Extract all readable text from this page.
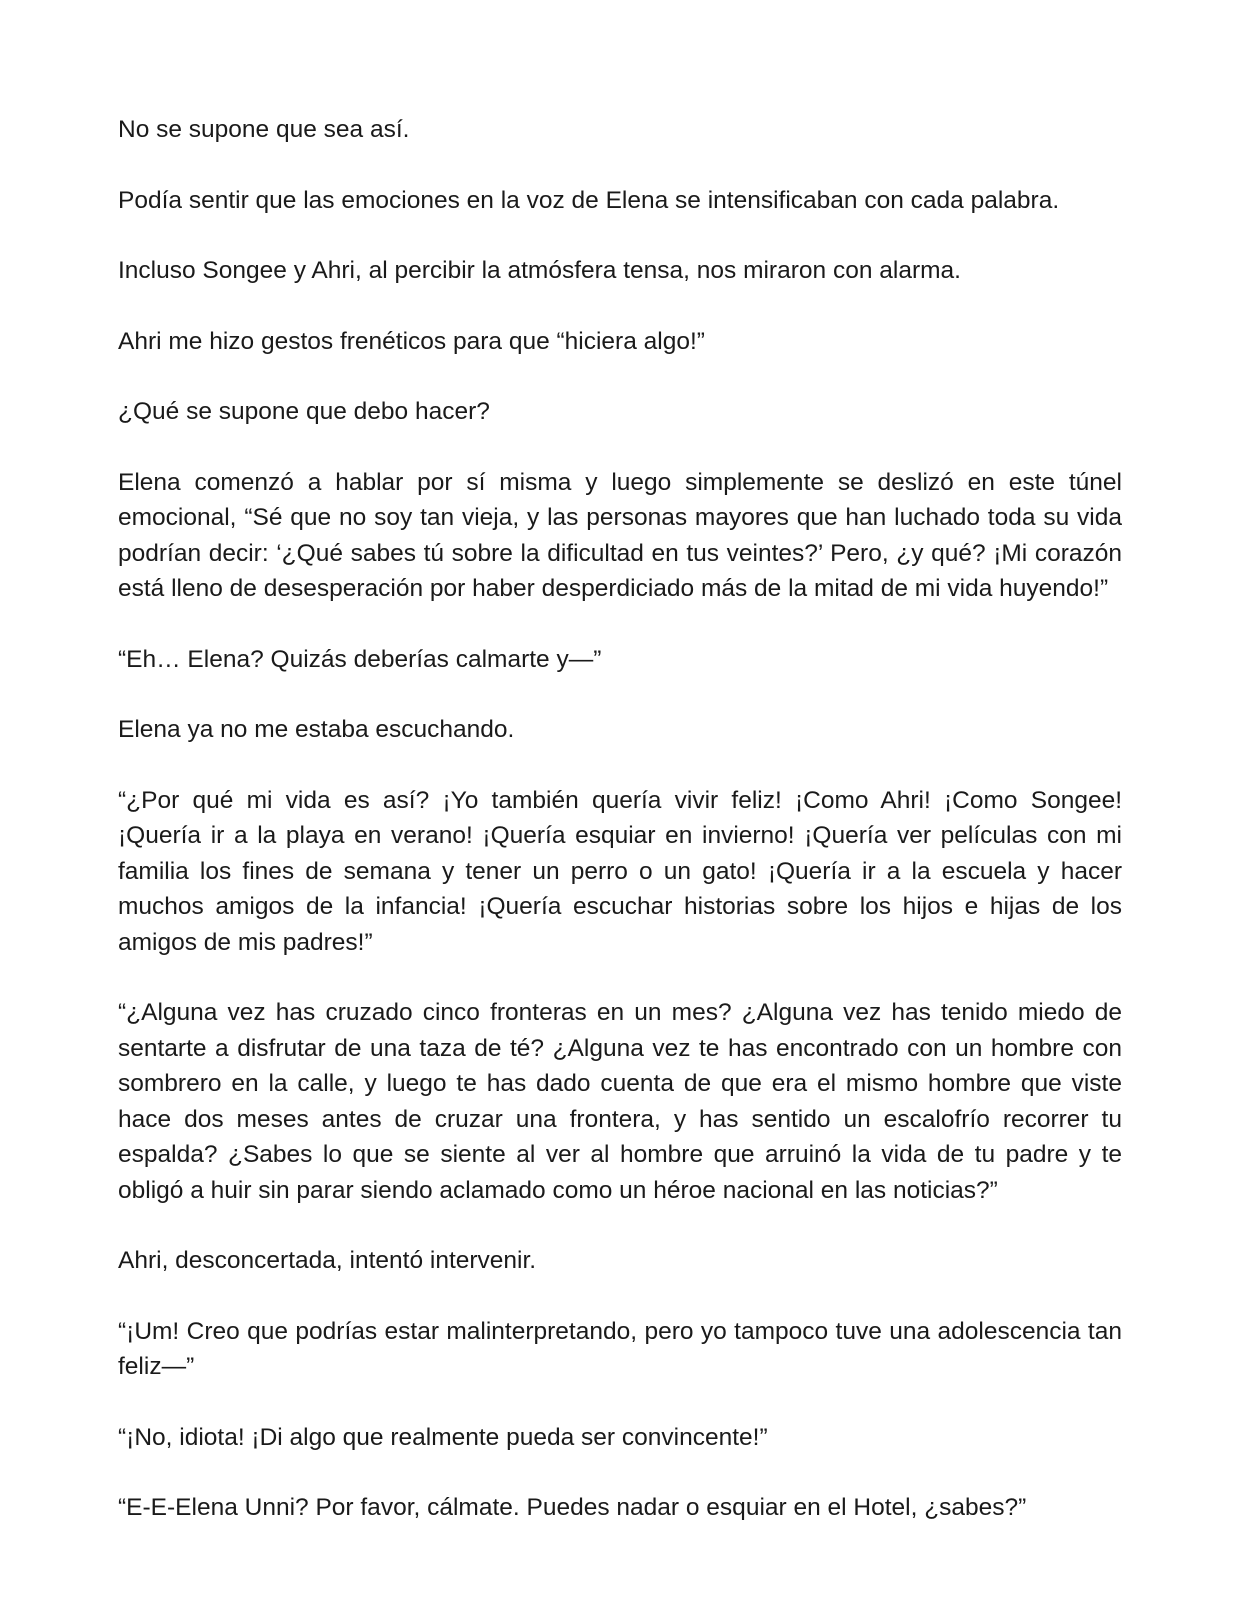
No se supone que sea así.

Podía sentir que las emociones en la voz de Elena se intensificaban con cada palabra.

Incluso Songee y Ahri, al percibir la atmósfera tensa, nos miraron con alarma.

Ahri me hizo gestos frenéticos para que “hiciera algo!”

¿Qué se supone que debo hacer?

Elena comenzó a hablar por sí misma y luego simplemente se deslizó en este túnel emocional, “Sé que no soy tan vieja, y las personas mayores que han luchado toda su vida podrían decir: ‘¿Qué sabes tú sobre la dificultad en tus veintes?’ Pero, ¿y qué? ¡Mi corazón está lleno de desesperación por haber desperdiciado más de la mitad de mi vida huyendo!”

“Eh… Elena? Quizás deberías calmarte y—”

Elena ya no me estaba escuchando.

“¿Por qué mi vida es así? ¡Yo también quería vivir feliz! ¡Como Ahri! ¡Como Songee! ¡Quería ir a la playa en verano! ¡Quería esquiar en invierno! ¡Quería ver películas con mi familia los fines de semana y tener un perro o un gato! ¡Quería ir a la escuela y hacer muchos amigos de la infancia! ¡Quería escuchar historias sobre los hijos e hijas de los amigos de mis padres!”

“¿Alguna vez has cruzado cinco fronteras en un mes? ¿Alguna vez has tenido miedo de sentarte a disfrutar de una taza de té? ¿Alguna vez te has encontrado con un hombre con sombrero en la calle, y luego te has dado cuenta de que era el mismo hombre que viste hace dos meses antes de cruzar una frontera, y has sentido un escalofrío recorrer tu espalda? ¿Sabes lo que se siente al ver al hombre que arruinó la vida de tu padre y te obligó a huir sin parar siendo aclamado como un héroe nacional en las noticias?”

Ahri, desconcertada, intentó intervenir.

“¡Um! Creo que podrías estar malinterpretando, pero yo tampoco tuve una adolescencia tan feliz—”

“¡No, idiota! ¡Di algo que realmente pueda ser convincente!”

“E-E-Elena Unni? Por favor, cálmate. Puedes nadar o esquiar en el Hotel, ¿sabes?”
